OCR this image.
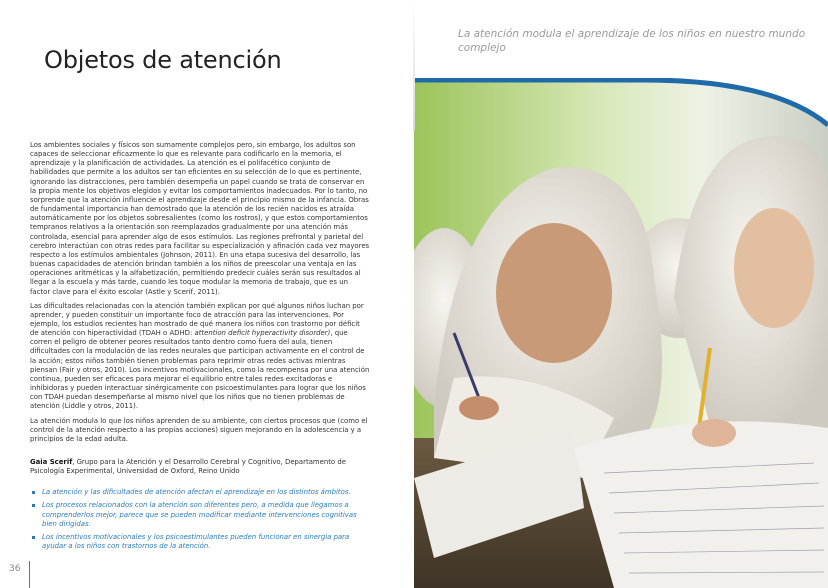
Objetos de atención

Los ambientes sociales y físicos son sumamente complejos pero, sin embargo, los adultos son capaces de seleccionar eficazmente lo que es relevante para codificarlo en la memoria, el aprendizaje y la planificación de actividades. La atención es el polifacético conjunto de habilidades que permite a los adultos ser tan eficientes en su selección de lo que es pertinente, ignorando las distracciones, pero también desempeña un papel cuando se trata de conservar en la propia mente los objetivos elegidos y evitar los comportamientos inadecuados. Por lo tanto, no sorprende que la atención influencie el aprendizaje desde el principio mismo de la infancia. Obras de fundamental importancia han demostrado que la atención de los recién nacidos es atraída automáticamente por los objetos sobresalientes (como los rostros), y que estos comportamientos tempranos relativos a la orientación son reemplazados gradualmente por una atención más controlada, esencial para aprender algo de esos estímulos. Las regiones prefrontal y parietal del cerebro interactúan con otras redes para facilitar su especialización y afinación cada vez mayores respecto a los estímulos ambientales (Johnson, 2011). En una etapa sucesiva del desarrollo, las buenas capacidades de atención brindan también a los niños de preescolar una ventaja en las operaciones aritméticas y la alfabetización, permitiendo predecir cuáles serán sus resultados al llegar a la escuela y más tarde, cuando les toque modular la memoria de trabajo, que es un factor clave para el éxito escolar (Astle y Scerif, 2011).

Las dificultades relacionadas con la atención también explican por qué algunos niños luchan por aprender, y pueden constituir un importante foco de atracción para las intervenciones. Por ejemplo, los estudios recientes han mostrado de qué manera los niños con trastorno por déficit de atención con hiperactividad (TDAH o ADHD: attention deficit hyperactivity disorder), que corren el peligro de obtener peores resultados tanto dentro como fuera del aula, tienen dificultades con la modulación de las redes neurales que participan activamente en el control de la acción; estos niños también tienen problemas para reprimir otras redes activas mientras piensan (Fair y otros, 2010). Los incentivos motivacionales, como la recompensa por una atención continua, pueden ser eficaces para mejorar el equilibrio entre tales redes excitadoras e inhibidoras y pueden interactuar sinérgicamente con psicoestimulantes para lograr que los niños con TDAH puedan desempeñarse al mismo nivel que los niños que no tienen problemas de atención (Liddle y otros, 2011).

La atención modula lo que los niños aprenden de su ambiente, con ciertos procesos que (como el control de la atención respecto a las propias acciones) siguen mejorando en la adolescencia y a principios de la edad adulta.

Gaia Scerif, Grupo para la Atención y el Desarrollo Cerebral y Cognitivo, Departamento de Psicología Experimental, Universidad de Oxford, Reino Unido

La atención y las dificultades de atención afectan el aprendizaje en los distintos ámbitos.
Los procesos relacionados con la atención son diferentes pero, a medida que llegamos a comprenderlos mejor, parece que se pueden modificar mediante intervenciones cognitivas bien dirigidas.
Los incentivos motivacionales y los psicoestimulantes pueden funcionar en sinergia para ayudar a los niños con trastornos de la atención.
36
La atención modula el aprendizaje de los niños en nuestro mundo complejo
